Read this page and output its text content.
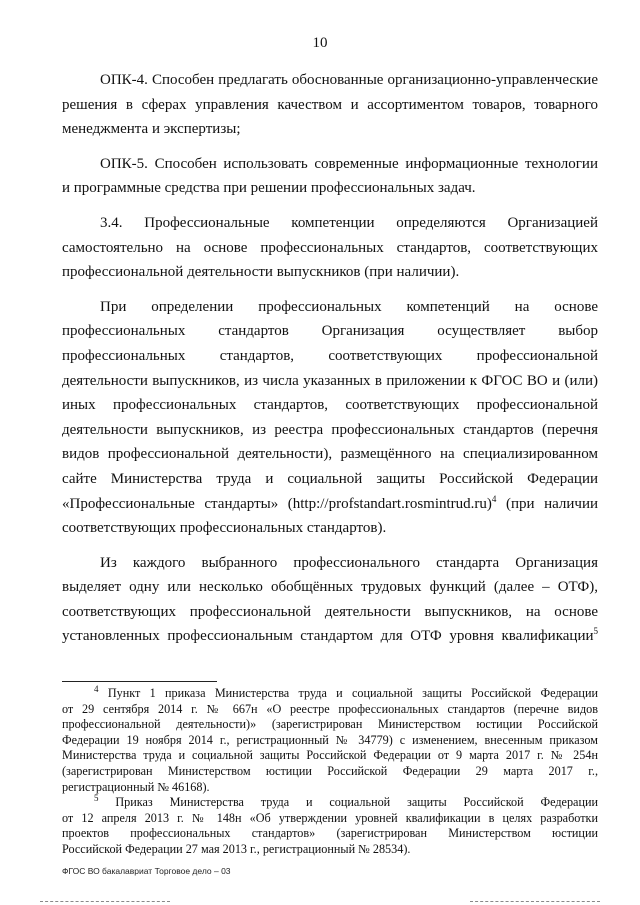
10

ОПК-4. Способен предлагать обоснованные организационно-управленческие

решения в сферах управления качеством и ассортиментом товаров, товарного

менеджмента и экспертизы;

ОПК-5. Способен использовать современные информационные технологии

и программные средства при решении профессиональных задач.

3.4. Профессиональные компетенции определяются Организацией

самостоятельно на основе профессиональных стандартов, соответствующих

профессиональной деятельности выпускников (при наличии).

При определении профессиональных компетенций на основе

профессиональных стандартов Организация осуществляет выбор

профессиональных стандартов, соответствующих профессиональной

деятельности выпускников, из числа указанных в приложении к ФГОС ВО и (или)

иных профессиональных стандартов, соответствующих профессиональной

деятельности выпускников, из реестра профессиональных стандартов (перечня

видов профессиональной деятельности), размещённого на специализированном

сайте Министерства труда и социальной защиты Российской Федерации

«Профессиональные стандарты» (http://profstandart.rosmintrud.ru)$^4$ (при наличии

соответствующих профессиональных стандартов).

Из каждого выбранного профессионального стандарта Организация

выделяет одну или несколько обобщённых трудовых функций (далее – ОТФ),

соответствующих профессиональной деятельности выпускников, на основе

установленных профессиональным стандартом для ОТФ уровня квалификации$^5$

$^4$ Пункт 1 приказа Министерства труда и социальной защиты Российской Федерации

от 29 сентября 2014 г. № 667н «О реестре профессиональных стандартов (перечне видов

профессиональной деятельности)» (зарегистрирован Министерством юстиции Российской

Федерации 19 ноября 2014 г., регистрационный № 34779) с изменением, внесенным приказом

Министерства труда и социальной защиты Российской Федерации от 9 марта 2017 г. № 254н

(зарегистрирован Министерством юстиции Российской Федерации 29 марта 2017 г.,

регистрационный № 46168).

$^5$ Приказ Министерства труда и социальной защиты Российской Федерации

от 12 апреля 2013 г. № 148н «Об утверждении уровней квалификации в целях разработки

проектов профессиональных стандартов» (зарегистрирован Министерством юстиции

Российской Федерации 27 мая 2013 г., регистрационный № 28534).

ФГОС ВО бакалавриат Торговое дело – 03
